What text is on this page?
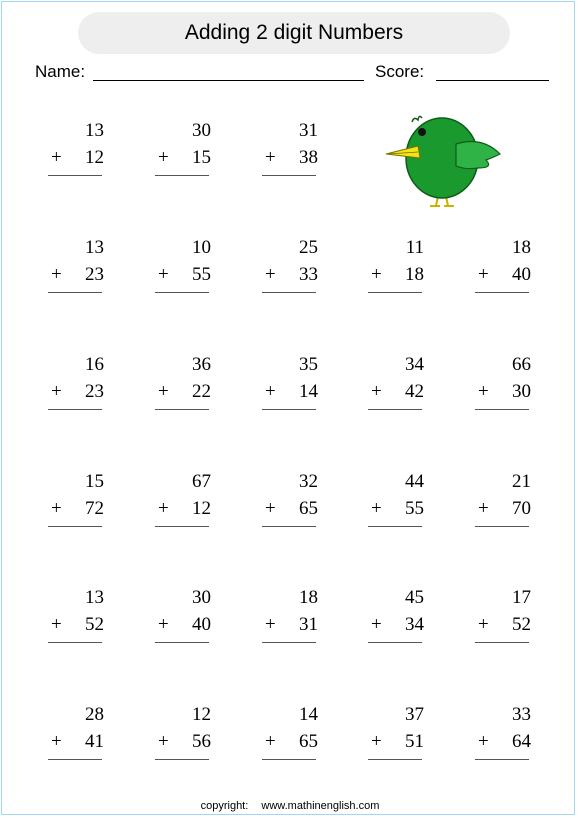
Adding 2 digit Numbers
Name:	Score:
13
+ 12
30
+ 15
31
+ 38
13
+ 23
10
+ 55
25
+ 33
11
+ 18
18
+ 40
16
+ 23
36
+ 22
35
+ 14
34
+ 42
66
+ 30
15
+ 72
67
+ 12
32
+ 65
44
+ 55
21
+ 70
13
+ 52
30
+ 40
18
+ 31
45
+ 34
17
+ 52
28
+ 41
12
+ 56
14
+ 65
37
+ 51
33
+ 64
copyright: www.mathinenglish.com
